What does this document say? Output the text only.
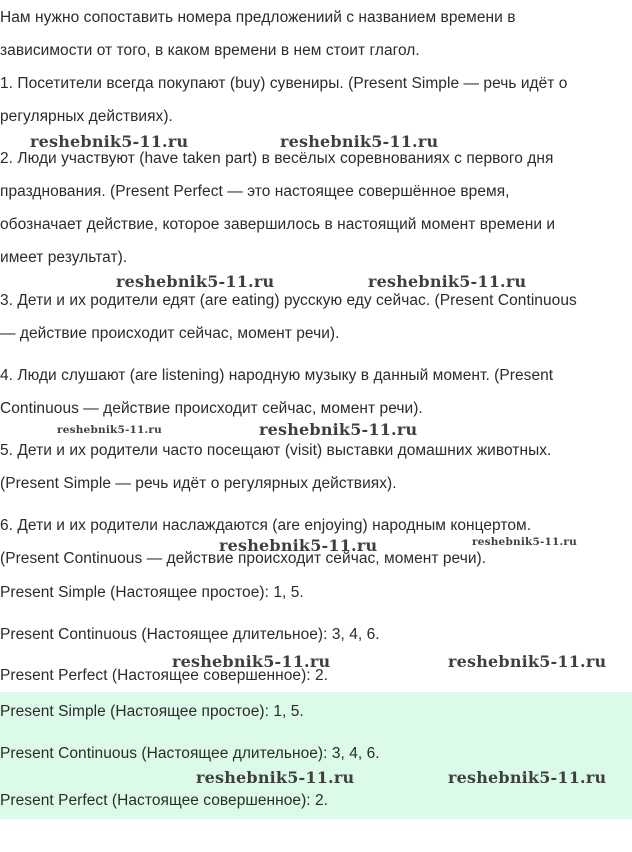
Нам нужно сопоставить номера предложениий с названием времени в
зависимости от того, в каком времени в нем стоит глагол.
1. Посетители всегда покупают (buy) сувениры. (Present Simple — речь идёт о
регулярных действиях).
reshebnik5-11.ru	reshebnik5-11.ru
2. Люди участвуют (have taken part) в весёлых соревнованиях с первого дня
празднования. (Present Perfect — это настоящее совершённое время,
обозначает действие, которое завершилось в настоящий момент времени и
имеет результат).
reshebnik5-11.ru	reshebnik5-11.ru
3. Дети и их родители едят (are eating) русскую еду сейчас. (Present Continuous
— действие происходит сейчас, момент речи).
4. Люди слушают (are listening) народную музыку в данный момент. (Present
Continuous — действие происходит сейчас, момент речи).
reshebnik5-11.ru	reshebnik5-11.ru
5. Дети и их родители часто посещают (visit) выставки домашних животных.
(Present Simple — речь идёт о регулярных действиях).
6. Дети и их родители наслаждаются (are enjoying) народным концертом.
reshebnik5-11.ru	reshebnik5-11.ru
(Present Continuous — действие происходит сейчас, момент речи).
Present Simple (Настоящее простое): 1, 5.
Present Continuous (Настоящее длительное): 3, 4, 6.
reshebnik5-11.ru	reshebnik5-11.ru
Present Perfect (Настоящее совершенное): 2.
Present Simple (Настоящее простое): 1, 5.
Present Continuous (Настоящее длительное): 3, 4, 6.
reshebnik5-11.ru	reshebnik5-11.ru
Present Perfect (Настоящее совершенное): 2.
